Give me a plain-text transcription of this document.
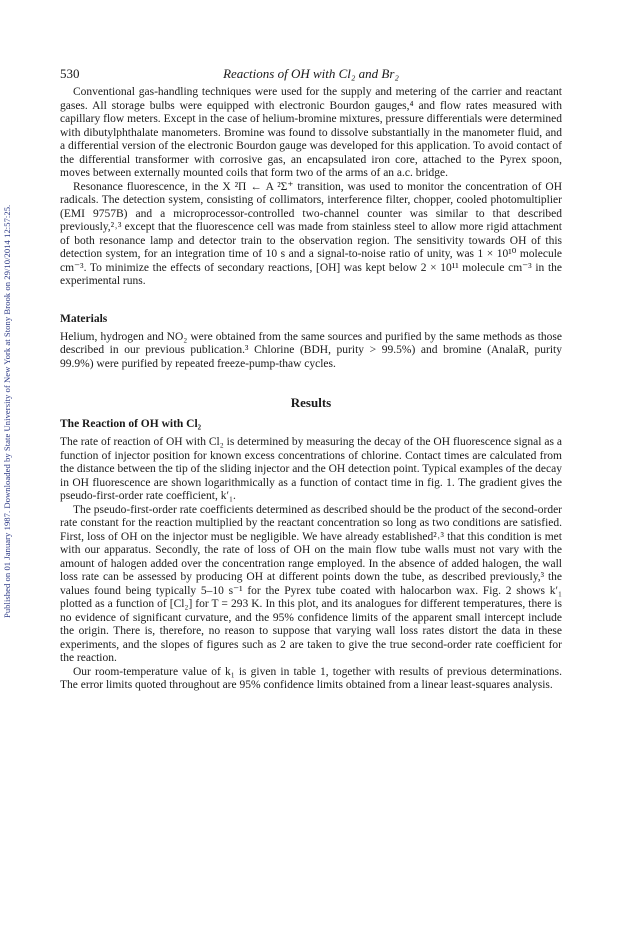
Published on 01 January 1987. Downloaded by State University of New York at Stony Brook on 29/10/2014 12:57:25.
530	Reactions of OH with Cl₂ and Br₂

Conventional gas-handling techniques were used for the supply and metering of the carrier and reactant gases. All storage bulbs were equipped with electronic Bourdon gauges,⁴ and flow rates measured with capillary flow meters. Except in the case of helium-bromine mixtures, pressure differentials were determined with dibutylphthalate manometers. Bromine was found to dissolve substantially in the manometer fluid, and a differential version of the electronic Bourdon gauge was developed for this application. To avoid contact of the differential transformer with corrosive gas, an encapsulated iron core, attached to the Pyrex spoon, moves between externally mounted coils that form two of the arms of an a.c. bridge.

Resonance fluorescence, in the X ²Π ← A ²Σ⁺ transition, was used to monitor the concentration of OH radicals. The detection system, consisting of collimators, interference filter, chopper, cooled photomultiplier (EMI 9757B) and a microprocessor-controlled two-channel counter was similar to that described previously,²˒³ except that the fluorescence cell was made from stainless steel to allow more rigid attachment of both resonance lamp and detector train to the observation region. The sensitivity towards OH of this detection system, for an integration time of 10 s and a signal-to-noise ratio of unity, was 1 × 10¹⁰ molecule cm⁻³. To minimize the effects of secondary reactions, [OH] was kept below 2 × 10¹¹ molecule cm⁻³ in the experimental runs.

Materials

Helium, hydrogen and NO₂ were obtained from the same sources and purified by the same methods as those described in our previous publication.³ Chlorine (BDH, purity > 99.5%) and bromine (AnalaR, purity 99.9%) were purified by repeated freeze-pump-thaw cycles.

Results
The Reaction of OH with Cl₂

The rate of reaction of OH with Cl₂ is determined by measuring the decay of the OH fluorescence signal as a function of injector position for known excess concentrations of chlorine. Contact times are calculated from the distance between the tip of the sliding injector and the OH detection point. Typical examples of the decay in OH fluorescence are shown logarithmically as a function of contact time in fig. 1. The gradient gives the pseudo-first-order rate coefficient, k′₁.

The pseudo-first-order rate coefficients determined as described should be the product of the second-order rate constant for the reaction multiplied by the reactant concentration so long as two conditions are satisfied. First, loss of OH on the injector must be negligible. We have already established²˒³ that this condition is met with our apparatus. Secondly, the rate of loss of OH on the main flow tube walls must not vary with the amount of halogen added over the concentration range employed. In the absence of added halogen, the wall loss rate can be assessed by producing OH at different points down the tube, as described previously,³ the values found being typically 5–10 s⁻¹ for the Pyrex tube coated with halocarbon wax. Fig. 2 shows k′₁ plotted as a function of [Cl₂] for T = 293 K. In this plot, and its analogues for different temperatures, there is no evidence of significant curvature, and the 95% confidence limits of the apparent small intercept include the origin. There is, therefore, no reason to suppose that varying wall loss rates distort the data in these experiments, and the slopes of figures such as 2 are taken to give the true second-order rate coefficient for the reaction.

Our room-temperature value of k₁ is given in table 1, together with results of previous determinations. The error limits quoted throughout are 95% confidence limits obtained from a linear least-squares analysis.
